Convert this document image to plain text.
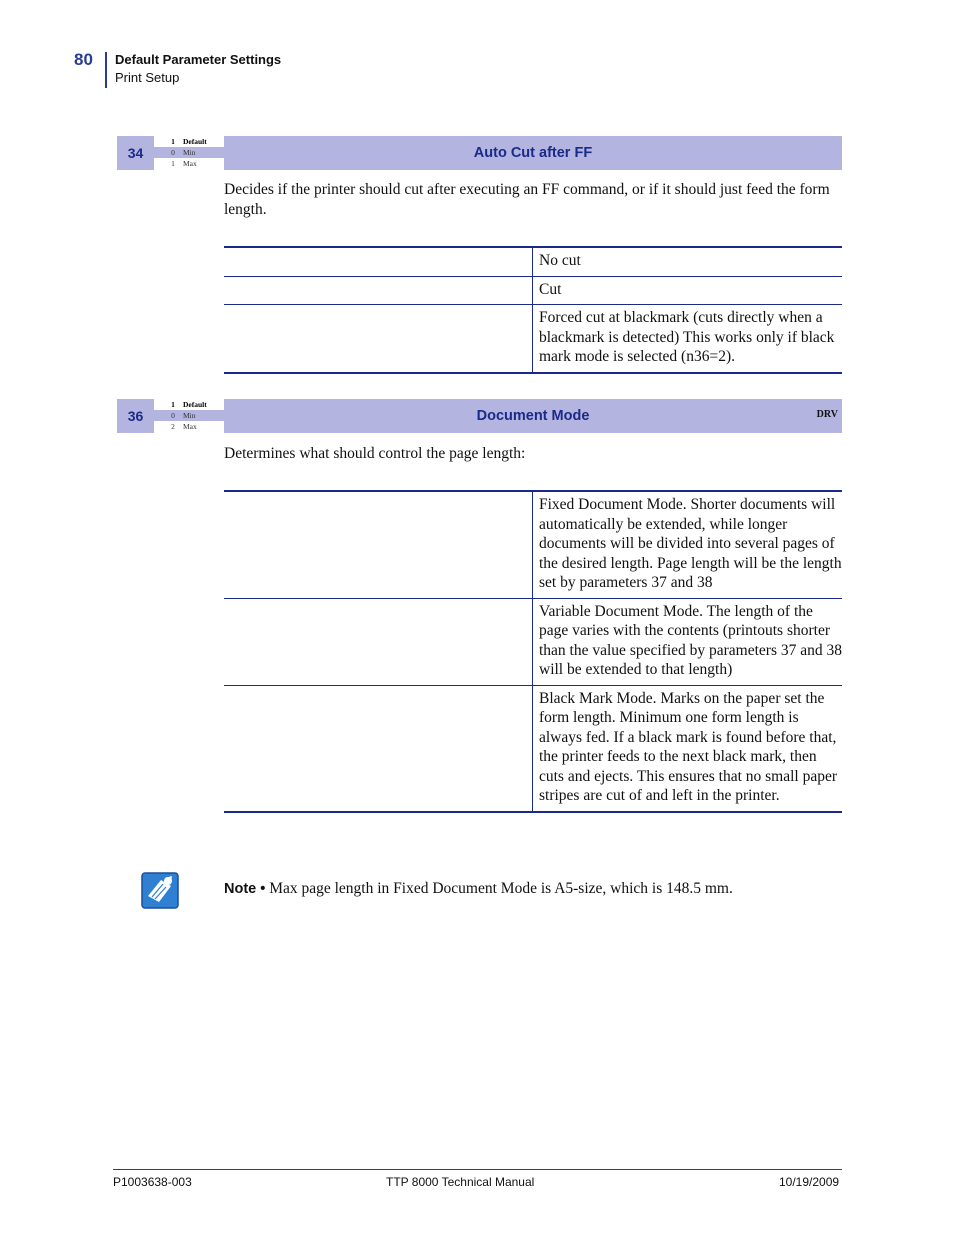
80 Default Parameter Settings
Print Setup
34
1 Default
0 Min
1 Max
Auto Cut after FF
Decides if the printer should cut after executing an FF command, or if it should just feed the form length.
No cut
Cut
Forced cut at blackmark (cuts directly when a blackmark is detected) This works only if black mark mode is selected (n36=2).
36
1 Default
0 Min
2 Max
Document Mode	DRV
Determines what should control the page length:
Fixed Document Mode. Shorter documents will automatically be extended, while longer documents will be divided into several pages of the desired length. Page length will be the length set by parameters 37 and 38
Variable Document Mode. The length of the page varies with the contents (printouts shorter than the value specified by parameters 37 and 38 will be extended to that length)
Black Mark Mode. Marks on the paper set the form length. Minimum one form length is always fed. If a black mark is found before that, the printer feeds to the next black mark, then cuts and ejects. This ensures that no small paper stripes are cut of and left in the printer.
Note • Max page length in Fixed Document Mode is A5-size, which is 148.5 mm.
P1003638-003	TTP 8000 Technical Manual	10/19/2009
